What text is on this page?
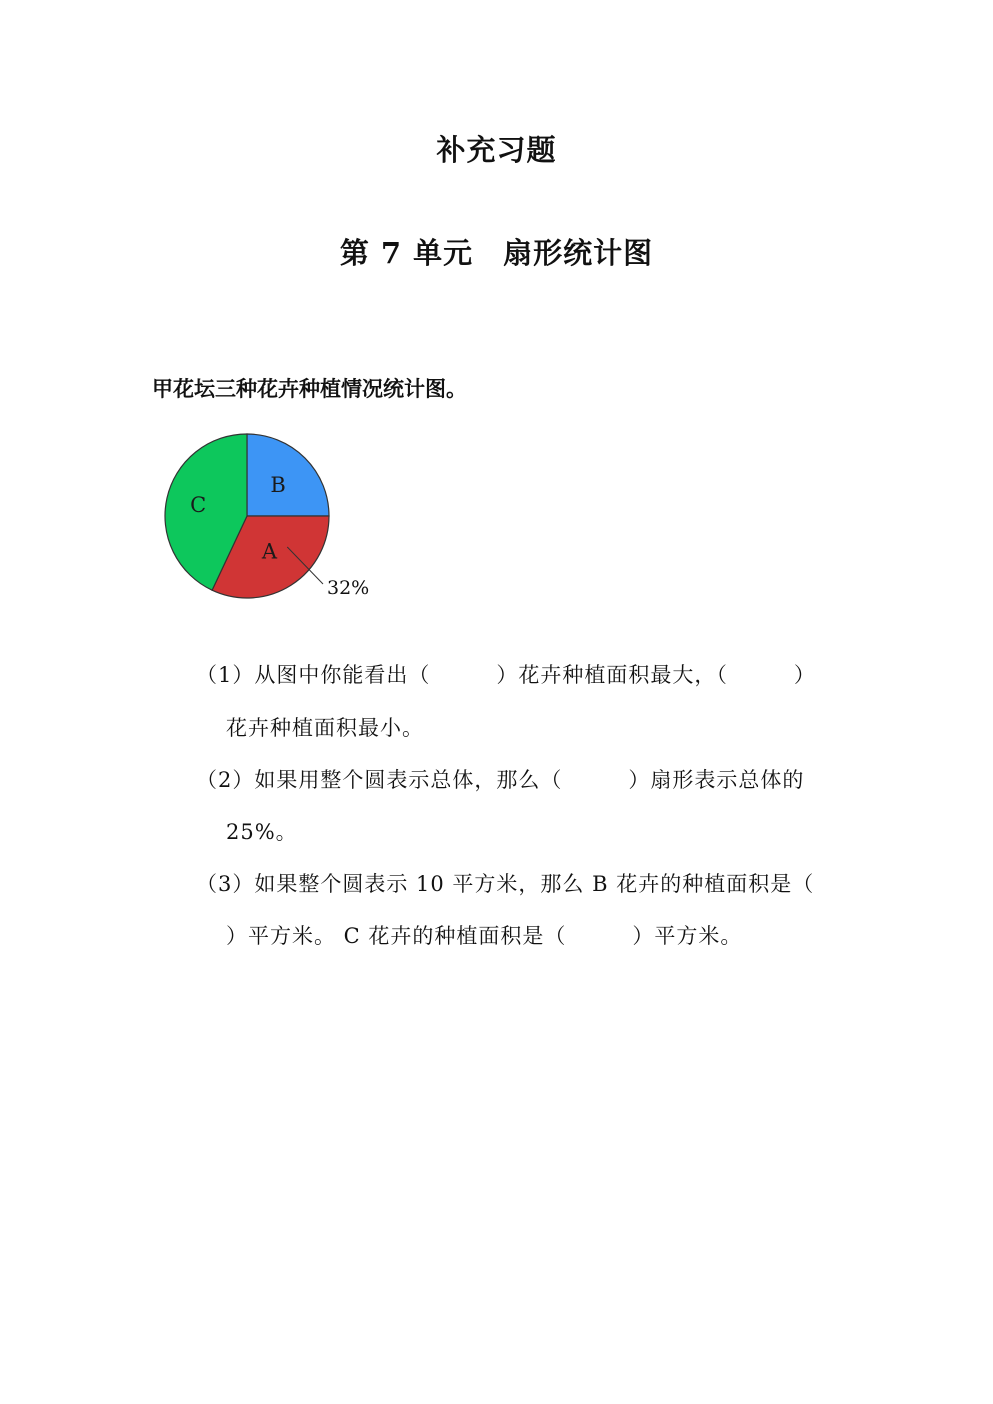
补充习题
第 7 单元　扇形统计图
甲花坛三种花卉种植情况统计图。
A
B
C
32%
（1）从图中你能看出（　　　）花卉种植面积最大，（　　　）
花卉种植面积最小。
（2）如果用整个圆表示总体，那么（　　　）扇形表示总体的
25%。
（3）如果整个圆表示 10 平方米，那么 B 花卉的种植面积是（
）平方米。 C 花卉的种植面积是（　　　）平方米。
